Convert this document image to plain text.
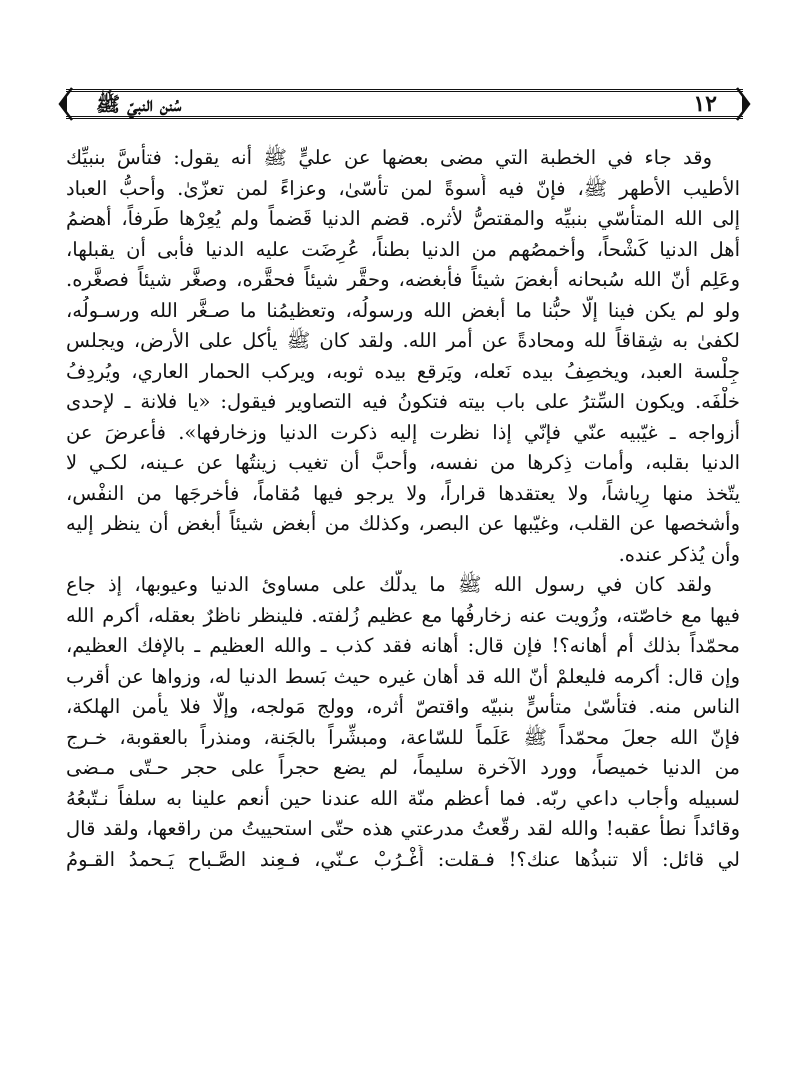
١٢
سُنن النبيّ ﷺ
وقد جاء في الخطبة التي مضى بعضها عن عليٍّ ﷺ أنه يقول: فتأسَّ بنبيِّك
الأطيب الأطهر ﷺ، فإنّ فيه أُسوةً لمن تأسّىٰ، وعزاءً لمن تعزّىٰ. وأحبُّ العباد
إلى الله المتأسّي بنبيِّه والمقتصُّ لأثره. قضم الدنيا قَضماً ولم يُعِرْها طَرفاً، أهضمُ
أهل الدنيا كَشْحاً، وأخمصُهم من الدنيا بطناً، عُرِضَت عليه الدنيا فأبى أن يقبلها،
وعَلِم أنّ الله سُبحانه أبغضَ شيئاً فأبغضه، وحقَّر شيئاً فحقَّره، وصغَّر شيئاً فصغَّره.
ولو لم يكن فينا إلّا حبُّنا ما أبغض الله ورسولُه، وتعظيمُنا ما صـغَّر الله ورسـولُه،
لكفىٰ به شِقاقاً لله ومحادةً عن أمر الله. ولقد كان ﷺ يأكل على الأرض، ويجلس
جِلْسة العبد، ويخصِفُ بيده نَعله، ويَرقع بيده ثوبه، ويركب الحمار العاري، ويُردِفُ
خلْفَه. ويكون السِّترُ على باب بيته فتكونُ فيه التصاوير فيقول: «يا فلانة ـ لإحدى
أزواجه ـ غيّبيه عنّي فإنّي إذا نظرت إليه ذكرت الدنيا وزخارفها». فأعرضَ عن
الدنيا بقلبه، وأمات ذِكرها من نفسه، وأحبَّ أن تغيب زينتُها عن عـينه، لكـي لا
يتّخذ منها رِياشاً، ولا يعتقدها قراراً، ولا يرجو فيها مُقاماً، فأخرجَها من النفْس،
وأشخصها عن القلب، وغيّبها عن البصر، وكذلك من أبغض شيئاً أبغض أن ينظر إليه
وأن يُذكر عنده.
ولقد كان في رسول الله ﷺ ما يدلُّك على مساوئ الدنيا وعيوبها، إذ جاع
فيها مع خاصّته، وزُويت عنه زخارفُها مع عظيم زُلفته. فلينظر ناظرٌ بعقله، أكرم الله
محمّداً بذلك أم أهانه؟! فإن قال: أهانه فقد كذب ـ والله العظيم ـ بالإفك العظيم،
وإن قال: أكرمه فليعلمْ أنّ الله قد أهان غيره حيث بَسط الدنيا له، وزواها عن أقرب
الناس منه. فتأسّىٰ متأسٍّ بنبيّه واقتصّ أثره، وولج مَولجه، وإلّا فلا يأمن الهلكة،
فإنّ الله جعلَ محمّداً ﷺ عَلَماً للسّاعة، ومبشِّراً بالجَنة، ومنذراً بالعقوبة، خـرج
من الدنيا خميصاً، وورد الآخرة سليماً، لم يضع حجراً على حجر حـتّى مـضى
لسبيله وأجاب داعي ربّه. فما أعظم منّة الله عندنا حين أنعم علينا به سلفاً نـتّبعُهُ
وقائداً نطأُ عقبه! والله لقد رقّعتُ مدرعتي هذه حتّى استحييتُ من راقعها، ولقد قال
لي قائل: ألا تنبذُها عنك؟! فـقلت: أُغْـرُبْ عـنّي، فـعِند الصَّـباح يَـحمدُ القـومُ
